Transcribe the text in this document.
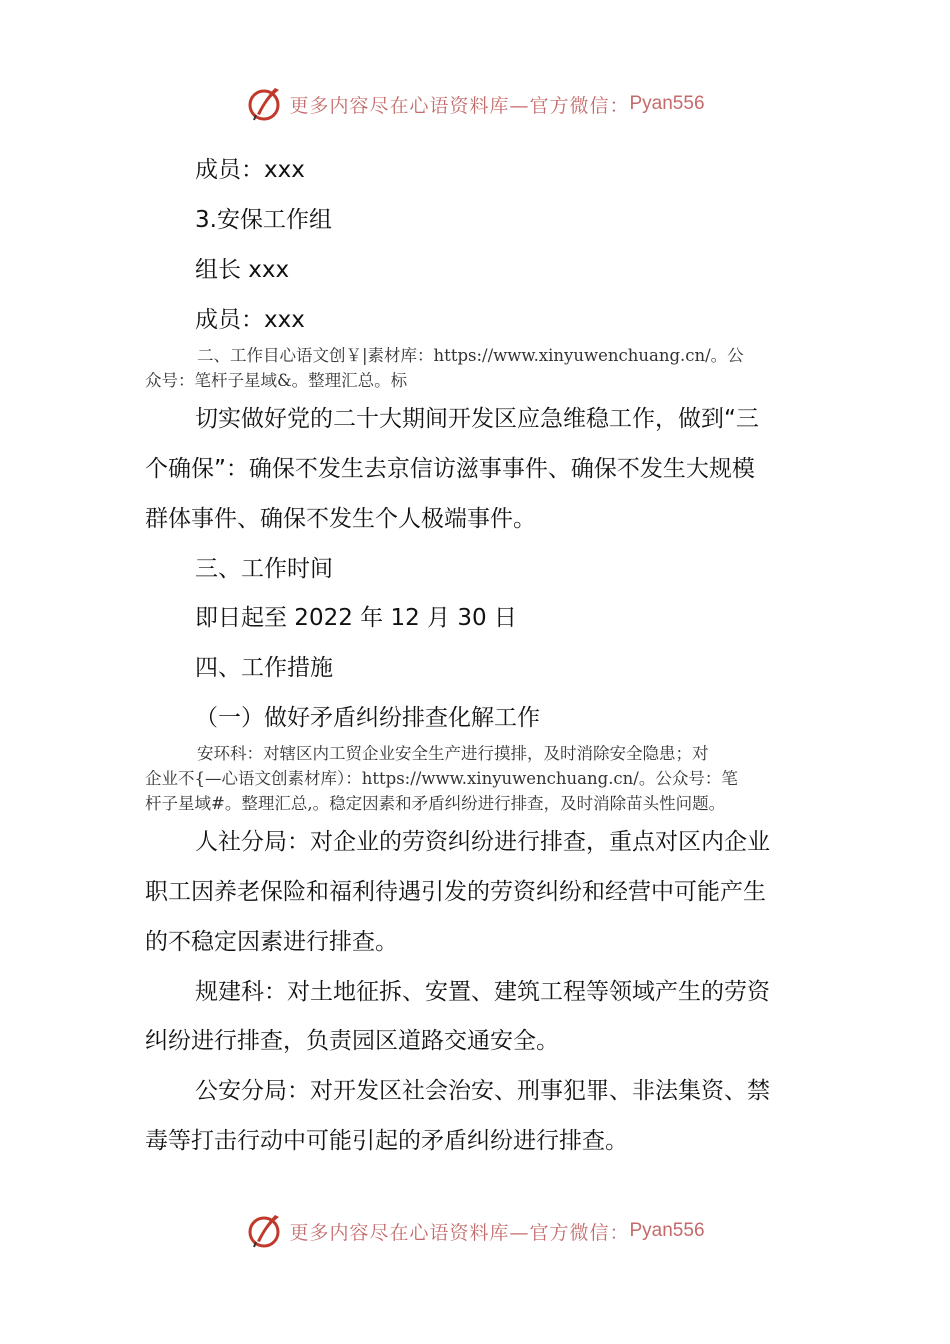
更多内容尽在心语资料库—官方微信： Pyan556
成员：xxx
3.安保工作组
组长 xxx
成员：xxx
二、工作目心语文创￥|素材库：https://www.xinyuwenchuang.cn/。公
众号：笔杆子星域&。整理汇总。标
切实做好党的二十大期间开发区应急维稳工作，做到“三
个确保”：确保不发生去京信访滋事事件、确保不发生大规模
群体事件、确保不发生个人极端事件。
三、工作时间
即日起至 2022 年 12 月 30 日
四、工作措施
（一）做好矛盾纠纷排查化解工作
安环科：对辖区内工贸企业安全生产进行摸排，及时消除安全隐患；对
企业不{—心语文创素材库）：https://www.xinyuwenchuang.cn/。公众号：笔
杆子星域#。整理汇总,。稳定因素和矛盾纠纷进行排查，及时消除苗头性问题。
人社分局：对企业的劳资纠纷进行排查，重点对区内企业
职工因养老保险和福利待遇引发的劳资纠纷和经营中可能产生
的不稳定因素进行排查。
规建科：对土地征拆、安置、建筑工程等领域产生的劳资
纠纷进行排查，负责园区道路交通安全。
公安分局：对开发区社会治安、刑事犯罪、非法集资、禁
毒等打击行动中可能引起的矛盾纠纷进行排查。
更多内容尽在心语资料库—官方微信： Pyan556
